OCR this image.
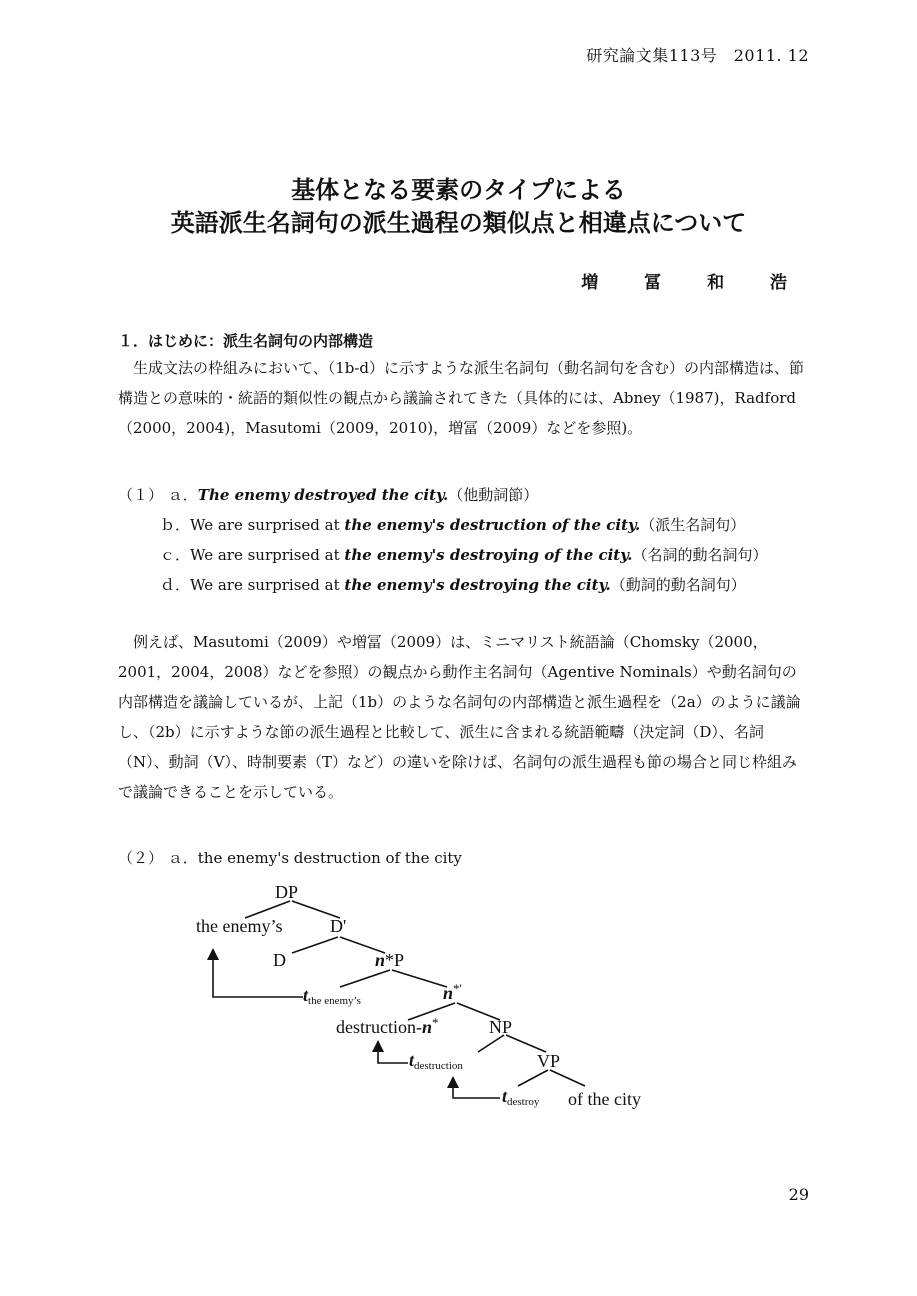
研究論文集113号　2011. 12
基体となる要素のタイプによる
英語派生名詞句の派生過程の類似点と相違点について
増 冨 和 浩
１．はじめに：派生名詞句の内部構造
　生成文法の枠組みにおいて、（1b-d）に示すような派生名詞句（動名詞句を含む）の内部構造は、節構造との意味的・統語的類似性の観点から議論されてきた（具体的には、Abney（1987)，Radford（2000，2004)，Masutomi（2009，2010)，増冨（2009）などを参照)。
（１） ａ．The enemy destroyed the city.（他動詞節）
ｂ．We are surprised at the enemy's destruction of the city.（派生名詞句）
ｃ．We are surprised at the enemy's destroying of the city.（名詞的動名詞句）
ｄ．We are surprised at the enemy's destroying the city.（動詞的動名詞句）
　例えば、Masutomi（2009）や増冨（2009）は、ミニマリスト統語論（Chomsky（2000，2001，2004，2008）などを参照）の観点から動作主名詞句（Agentive Nominals）や動名詞句の内部構造を議論しているが、上記（1b）のような名詞句の内部構造と派生過程を（2a）のように議論し、（2b）に示すような節の派生過程と比較して、派生に含まれる統語範疇（決定詞（D）、名詞（N）、動詞（V）、時制要素（T）など）の違いを除けば、名詞句の派生過程も節の場合と同じ枠組みで議論できることを示している。
（２） ａ．the enemy's destruction of the city
DP
the enemy’s	D'
D	n*P
tthe enemy’s	n*'
destruction-n*	NP
tdestruction	VP
tdestroy of the city
29
